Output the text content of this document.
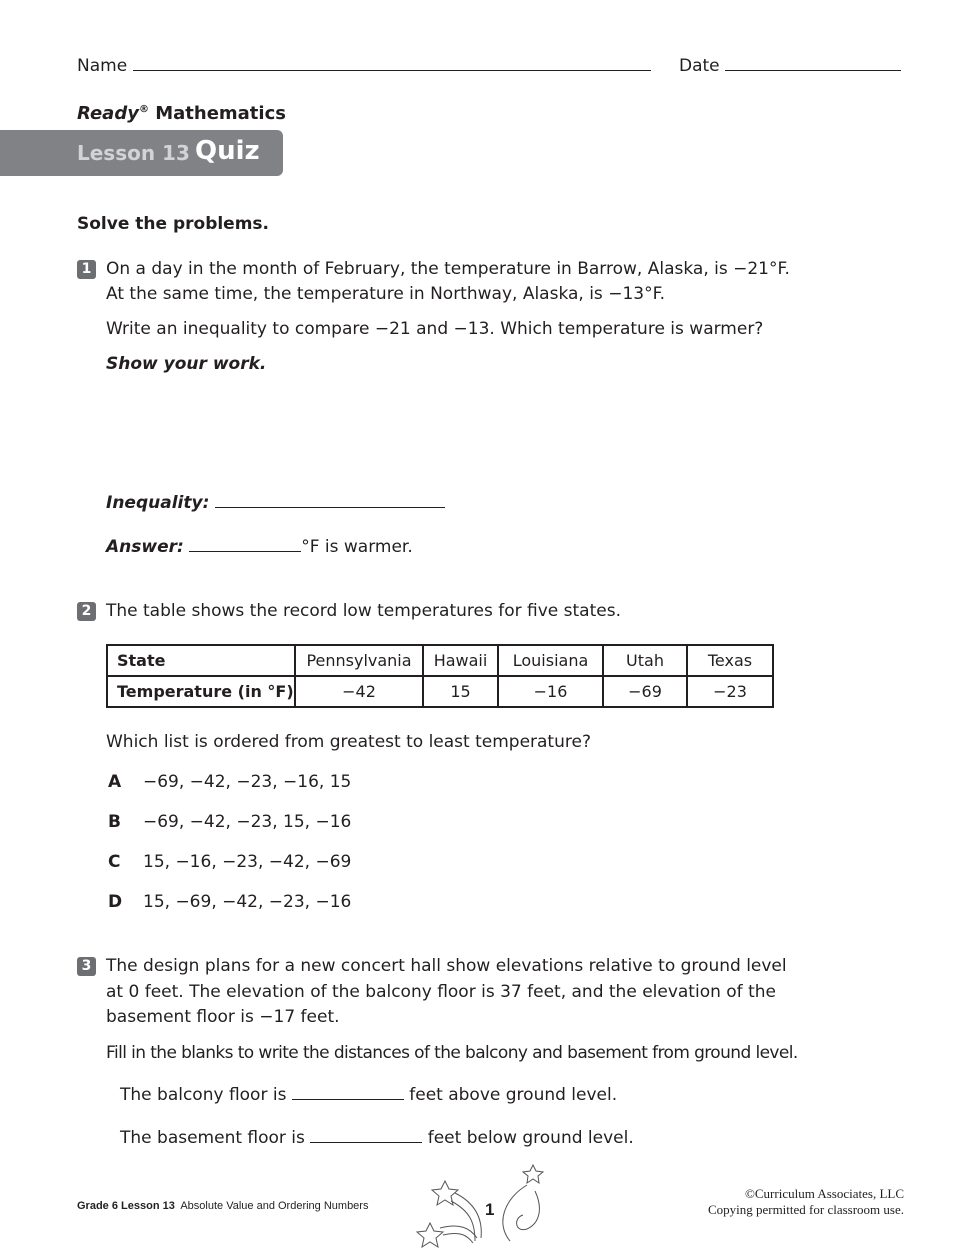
Name	Date
Ready® Mathematics
Lesson 13 Quiz
Solve the problems.
1 On a day in the month of February, the temperature in Barrow, Alaska, is −21°F.
At the same time, the temperature in Northway, Alaska, is −13°F.
Write an inequality to compare −21 and −13. Which temperature is warmer?
Show your work.
Inequality:
Answer:	°F is warmer.
2 The table shows the record low temperatures for five states.
State	Pennsylvania	Hawaii	Louisiana	Utah	Texas
Temperature (in °F)	−42	15	−16	−69	−23
Which list is ordered from greatest to least temperature?
A −69, −42, −23, −16, 15
B −69, −42, −23, 15, −16
C 15, −16, −23, −42, −69
D 15, −69, −42, −23, −16
3 The design plans for a new concert hall show elevations relative to ground level
at 0 feet. The elevation of the balcony floor is 37 feet, and the elevation of the
basement floor is −17 feet.
Fill in the blanks to write the distances of the balcony and basement from ground level.
The balcony floor is	feet above ground level.
The basement floor is	feet below ground level.
Grade 6 Lesson 13 Absolute Value and Ordering Numbers	1
©Curriculum Associates, LLC
Copying permitted for classroom use.
